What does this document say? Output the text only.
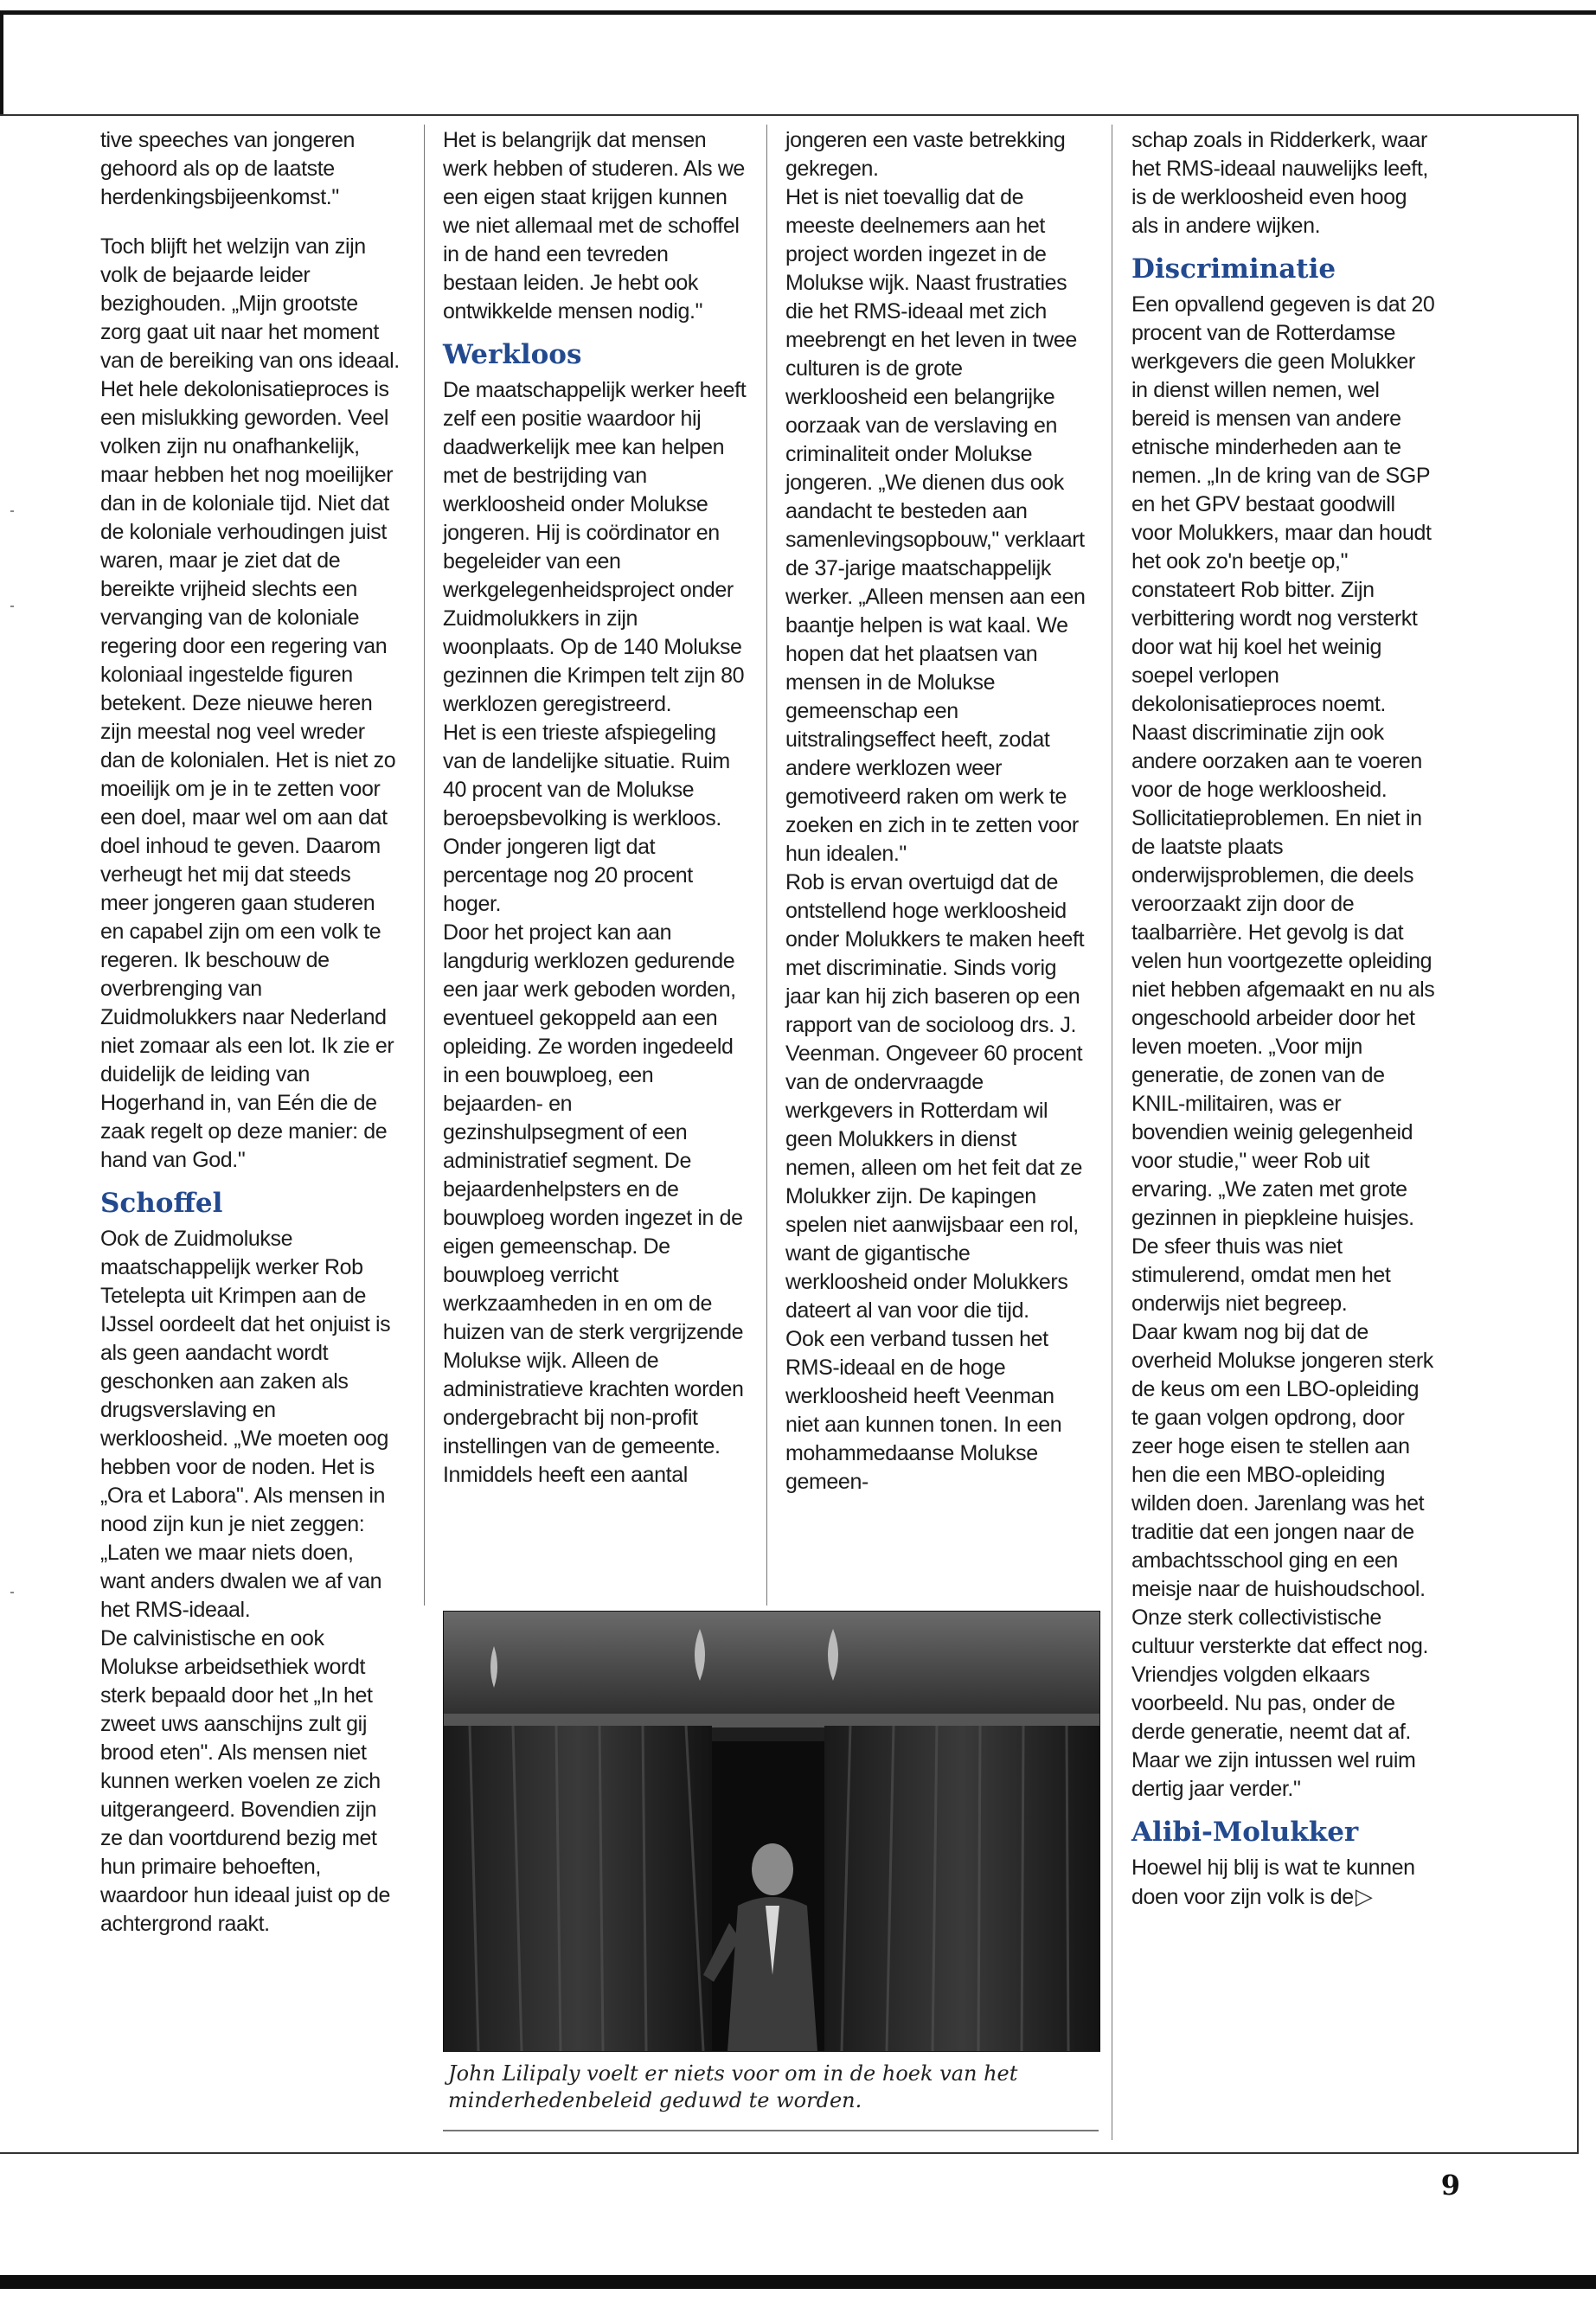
tive speeches van jongeren gehoord als op de laatste herdenkingsbijeenkomst."

Toch blijft het welzijn van zijn volk de bejaarde leider bezighouden. „Mijn grootste zorg gaat uit naar het moment van de bereiking van ons ideaal. Het hele dekolonisatieproces is een mislukking geworden. Veel volken zijn nu onafhankelijk, maar hebben het nog moeilijker dan in de koloniale tijd. Niet dat de koloniale verhoudingen juist waren, maar je ziet dat de bereikte vrijheid slechts een vervanging van de koloniale regering door een regering van koloniaal ingestelde figuren betekent. Deze nieuwe heren zijn meestal nog veel wreder dan de kolonialen. Het is niet zo moeilijk om je in te zetten voor een doel, maar wel om aan dat doel inhoud te geven. Daarom verheugt het mij dat steeds meer jongeren gaan studeren en capabel zijn om een volk te regeren. Ik beschouw de overbrenging van Zuidmolukkers naar Nederland niet zomaar als een lot. Ik zie er duidelijk de leiding van Hogerhand in, van Eén die de zaak regelt op deze manier: de hand van God."

Schoffel

Ook de Zuidmolukse maatschappelijk werker Rob Tetelepta uit Krimpen aan de IJssel oordeelt dat het onjuist is als geen aandacht wordt geschonken aan zaken als drugsverslaving en werkloosheid. „We moeten oog hebben voor de noden. Het is „Ora et Labora". Als mensen in nood zijn kun je niet zeggen: „Laten we maar niets doen, want anders dwalen we af van het RMS-ideaal.

De calvinistische en ook Molukse arbeidsethiek wordt sterk bepaald door het „In het zweet uws aanschijns zult gij brood eten". Als mensen niet kunnen werken voelen ze zich uitgerangeerd. Bovendien zijn ze dan voortdurend bezig met hun primaire behoeften, waardoor hun ideaal juist op de achtergrond raakt.

Het is belangrijk dat mensen werk hebben of studeren. Als we een eigen staat krijgen kunnen we niet allemaal met de schoffel in de hand een tevreden bestaan leiden. Je hebt ook ontwikkelde mensen nodig."

Werkloos

De maatschappelijk werker heeft zelf een positie waardoor hij daadwerkelijk mee kan helpen met de bestrijding van werkloosheid onder Molukse jongeren. Hij is coördinator en begeleider van een werkgelegenheidsproject onder Zuidmolukkers in zijn woonplaats. Op de 140 Molukse gezinnen die Krimpen telt zijn 80 werklozen geregistreerd.

Het is een trieste afspiegeling van de landelijke situatie. Ruim 40 procent van de Molukse beroepsbevolking is werkloos. Onder jongeren ligt dat percentage nog 20 procent hoger.

Door het project kan aan langdurig werklozen gedurende een jaar werk geboden worden, eventueel gekoppeld aan een opleiding. Ze worden ingedeeld in een bouwploeg, een bejaarden- en gezinshulpsegment of een administratief segment. De bejaardenhelpsters en de bouwploeg worden ingezet in de eigen gemeenschap. De bouwploeg verricht werkzaamheden in en om de huizen van de sterk vergrijzende Molukse wijk. Alleen de administratieve krachten worden ondergebracht bij non-profit instellingen van de gemeente. Inmiddels heeft een aantal

jongeren een vaste betrekking gekregen.

Het is niet toevallig dat de meeste deelnemers aan het project worden ingezet in de Molukse wijk. Naast frustraties die het RMS-ideaal met zich meebrengt en het leven in twee culturen is de grote werkloosheid een belangrijke oorzaak van de verslaving en criminaliteit onder Molukse jongeren. „We dienen dus ook aandacht te besteden aan samenlevingsopbouw," verklaart de 37-jarige maatschappelijk werker. „Alleen mensen aan een baantje helpen is wat kaal. We hopen dat het plaatsen van mensen in de Molukse gemeenschap een uitstralingseffect heeft, zodat andere werklozen weer gemotiveerd raken om werk te zoeken en zich in te zetten voor hun idealen."

Rob is ervan overtuigd dat de ontstellend hoge werkloosheid onder Molukkers te maken heeft met discriminatie. Sinds vorig jaar kan hij zich baseren op een rapport van de socioloog drs. J. Veenman. Ongeveer 60 procent van de ondervraagde werkgevers in Rotterdam wil geen Molukkers in dienst nemen, alleen om het feit dat ze Molukker zijn. De kapingen spelen niet aanwijsbaar een rol, want de gigantische werkloosheid onder Molukkers dateert al van voor die tijd.

Ook een verband tussen het RMS-ideaal en de hoge werkloosheid heeft Veenman niet aan kunnen tonen. In een mohammedaanse Molukse gemeen-

schap zoals in Ridderkerk, waar het RMS-ideaal nauwelijks leeft, is de werkloosheid even hoog als in andere wijken.

Discriminatie

Een opvallend gegeven is dat 20 procent van de Rotterdamse werkgevers die geen Molukker in dienst willen nemen, wel bereid is mensen van andere etnische minderheden aan te nemen. „In de kring van de SGP en het GPV bestaat goodwill voor Molukkers, maar dan houdt het ook zo'n beetje op," constateert Rob bitter. Zijn verbittering wordt nog versterkt door wat hij koel het weinig soepel verlopen dekolonisatieproces noemt.

Naast discriminatie zijn ook andere oorzaken aan te voeren voor de hoge werkloosheid. Sollicitatieproblemen. En niet in de laatste plaats onderwijsproblemen, die deels veroorzaakt zijn door de taalbarrière. Het gevolg is dat velen hun voortgezette opleiding niet hebben afgemaakt en nu als ongeschoold arbeider door het leven moeten. „Voor mijn generatie, de zonen van de KNIL-militairen, was er bovendien weinig gelegenheid voor studie," weer Rob uit ervaring. „We zaten met grote gezinnen in piepkleine huisjes. De sfeer thuis was niet stimulerend, omdat men het onderwijs niet begreep.

Daar kwam nog bij dat de overheid Molukse jongeren sterk de keus om een LBO-opleiding te gaan volgen opdrong, door zeer hoge eisen te stellen aan hen die een MBO-opleiding wilden doen. Jarenlang was het traditie dat een jongen naar de ambachtsschool ging en een meisje naar de huishoudschool. Onze sterk collectivistische cultuur versterkte dat effect nog. Vriendjes volgden elkaars voorbeeld. Nu pas, onder de derde generatie, neemt dat af. Maar we zijn intussen wel ruim dertig jaar verder."

Alibi-Molukker

Hoewel hij blij is wat te kunnen doen voor zijn volk is de▷

John Lilipaly voelt er niets voor om in de hoek van het minderhedenbeleid geduwd te worden.
9
